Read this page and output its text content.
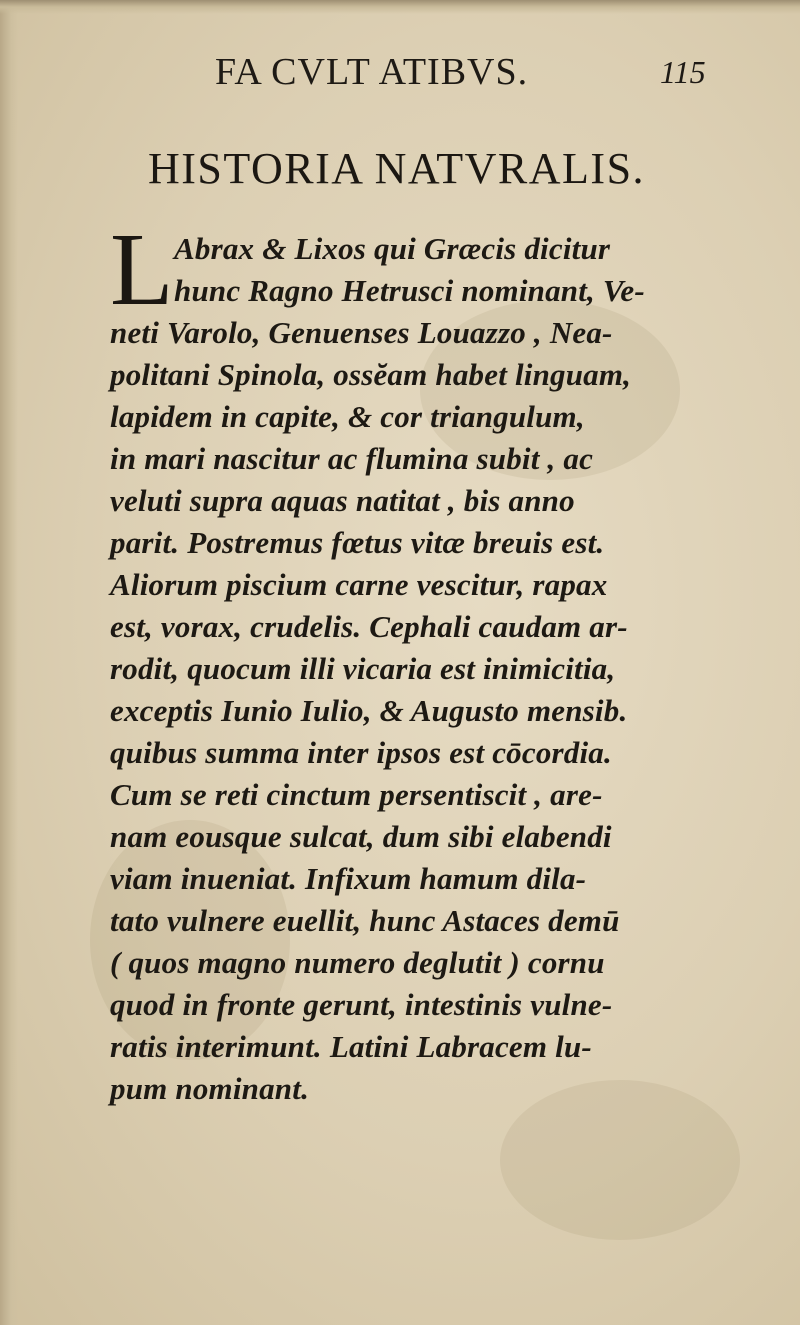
FA CVLT ATIBVS.	115
HISTORIA NATVRALIS.
L Abrax & Lixos qui Græcis dicitur
hunc Ragno Hetrusci nominant, Ve-
neti Varolo, Genuenses Louazzo , Nea-
politani Spinola, ossĕam habet linguam,
lapidem in capite, & cor triangulum,
in mari nascitur ac flumina subit , ac
veluti supra aquas natitat , bis anno
parit. Postremus fœtus vitæ breuis est.
Aliorum piscium carne vescitur, rapax
est, vorax, crudelis. Cephali caudam ar-
rodit, quocum illi vicaria est inimicitia,
exceptis Iunio Iulio, & Augusto mensib.
quibus summa inter ipsos est cōcordia.
Cum se reti cinctum persentiscit , are-
nam eousque sulcat, dum sibi elabendi
viam inueniat. Infixum hamum dila-
tato vulnere euellit, hunc Astaces demū
( quos magno numero deglutit ) cornu
quod in fronte gerunt, intestinis vulne-
ratis interimunt. Latini Labracem lu-
pum nominant.
